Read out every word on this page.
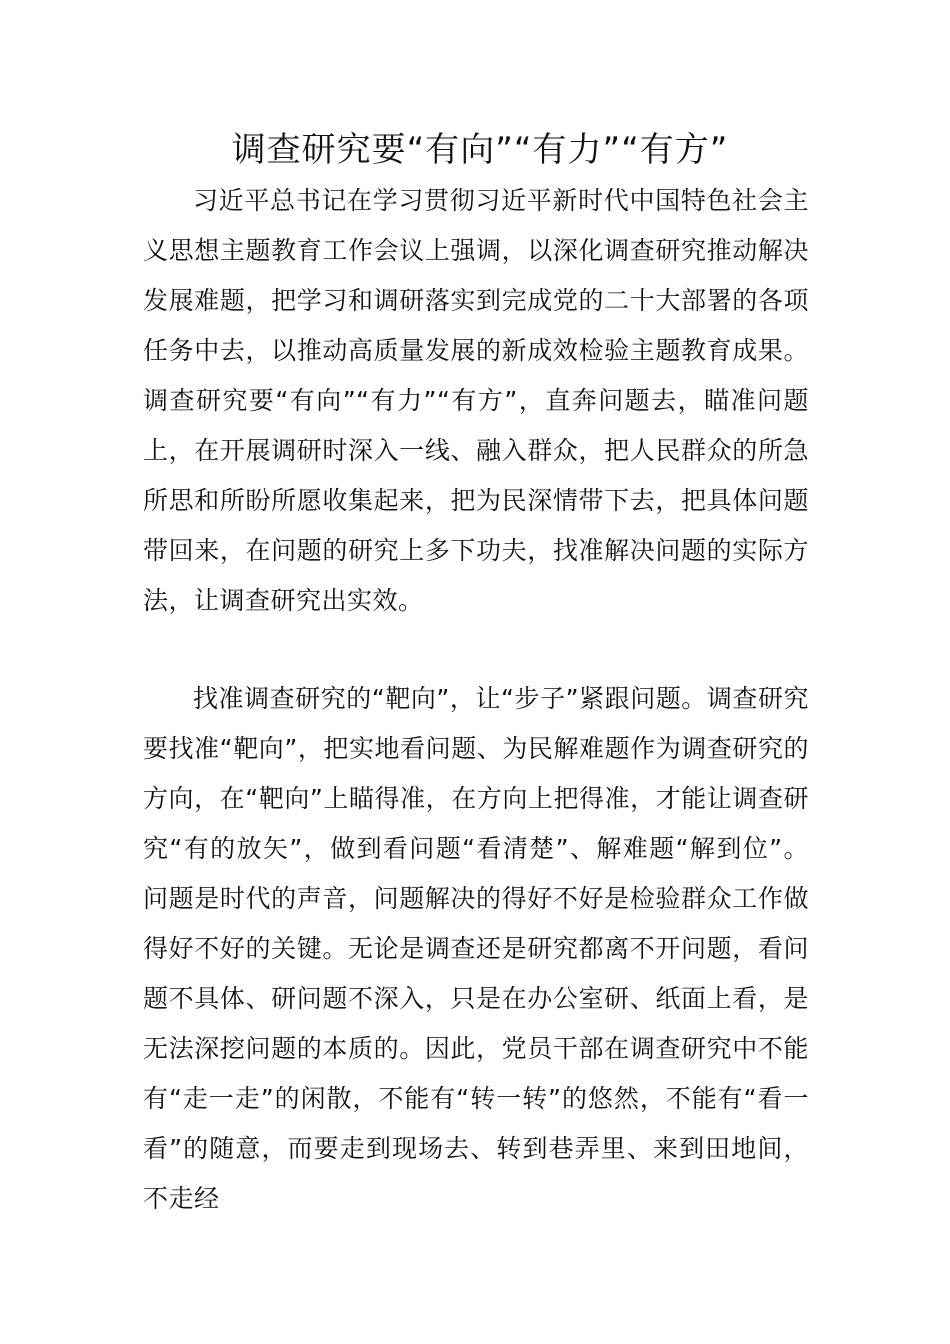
调查研究要“有向”“有力”“有方”

习近平总书记在学习贯彻习近平新时代中国特色社会主义思想主题教育工作会议上强调，以深化调查研究推动解决发展难题，把学习和调研落实到完成党的二十大部署的各项任务中去，以推动高质量发展的新成效检验主题教育成果。调查研究要“有向”“有力”“有方”，直奔问题去，瞄准问题上，在开展调研时深入一线、融入群众，把人民群众的所急所思和所盼所愿收集起来，把为民深情带下去，把具体问题带回来，在问题的研究上多下功夫，找准解决问题的实际方法，让调查研究出实效。

找准调查研究的“靶向”，让“步子”紧跟问题。调查研究要找准“靶向”，把实地看问题、为民解难题作为调查研究的方向，在“靶向”上瞄得准，在方向上把得准，才能让调查研究“有的放矢”，做到看问题“看清楚”、解难题“解到位”。问题是时代的声音，问题解决的得好不好是检验群众工作做得好不好的关键。无论是调查还是研究都离不开问题，看问题不具体、研问题不深入，只是在办公室研、纸面上看，是无法深挖问题的本质的。因此，党员干部在调查研究中不能有“走一走”的闲散，不能有“转一转”的悠然，不能有“看一看”的随意，而要走到现场去、转到巷弄里、来到田地间，不走经
